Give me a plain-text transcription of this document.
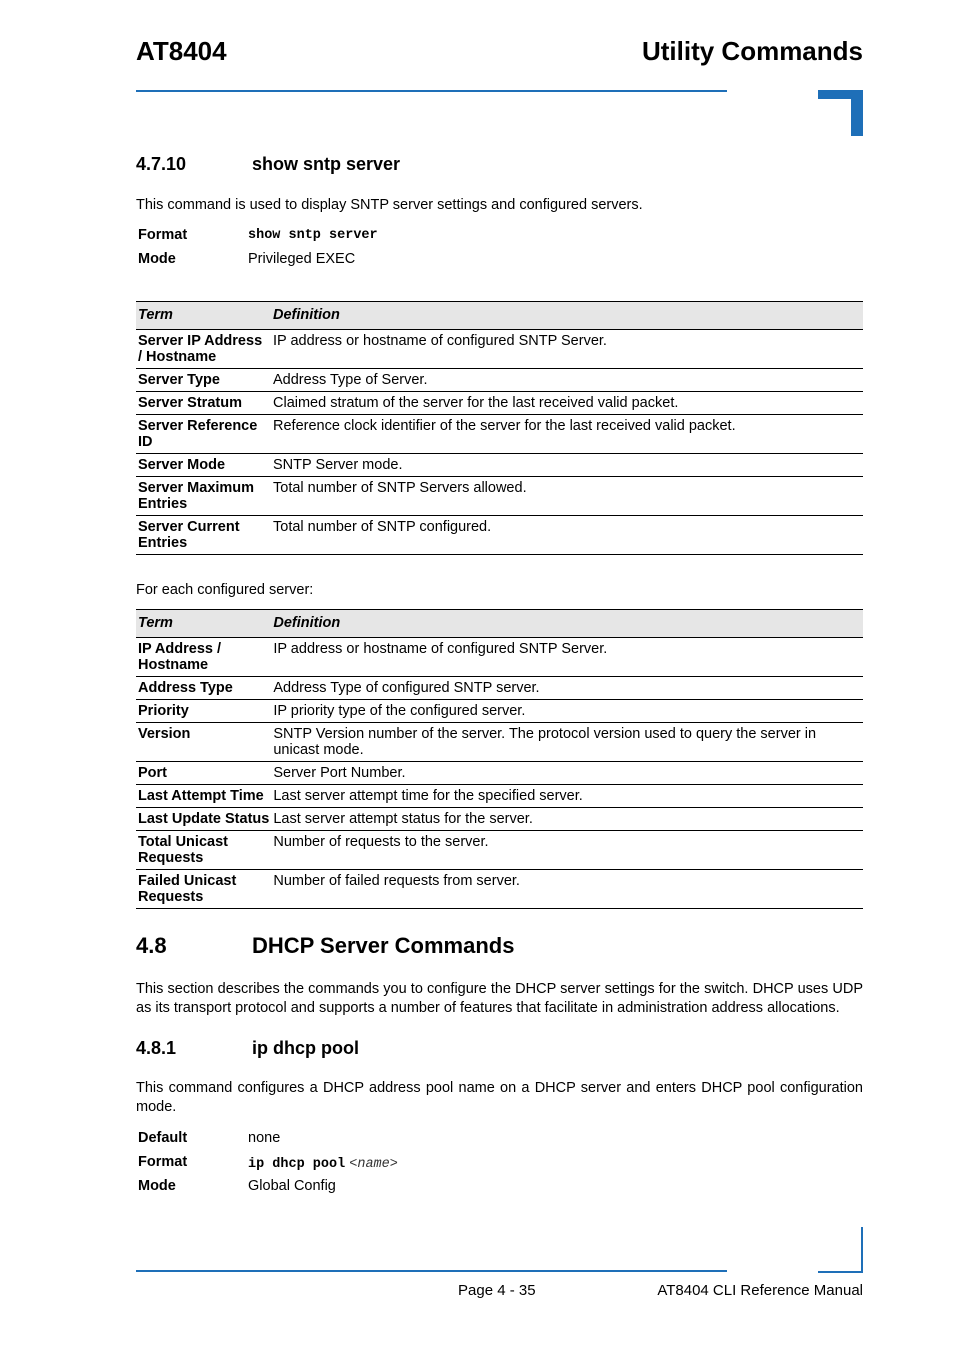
AT8404	Utility Commands
4.7.10	show sntp server
This command is used to display SNTP server settings and configured servers.
Format	show sntp server
Mode	Privileged EXEC
Term	Definition
Server IP Address / Hostname	IP address or hostname of configured SNTP Server.
Server Type	Address Type of Server.
Server Stratum	Claimed stratum of the server for the last received valid packet.
Server Reference ID	Reference clock identifier of the server for the last received valid packet.
Server Mode	SNTP Server mode.
Server Maximum Entries	Total number of SNTP Servers allowed.
Server Current Entries	Total number of SNTP configured.
For each configured server:
Term	Definition
IP Address / Hostname	IP address or hostname of configured SNTP Server.
Address Type	Address Type of configured SNTP server.
Priority	IP priority type of the configured server.
Version	SNTP Version number of the server. The protocol version used to query the server in unicast mode.
Port	Server Port Number.
Last Attempt Time	Last server attempt time for the specified server.
Last Update Status	Last server attempt status for the server.
Total Unicast Requests	Number of requests to the server.
Failed Unicast Requests	Number of failed requests from server.
4.8	DHCP Server Commands
This section describes the commands you to configure the DHCP server settings for the switch. DHCP uses UDP as its transport protocol and supports a number of features that facilitate in administration address allocations.
4.8.1	ip dhcp pool
This command configures a DHCP address pool name on a DHCP server and enters DHCP pool configuration mode.
Default	none
Format	ip dhcp pool <name>
Mode	Global Config
Page 4 - 35	AT8404 CLI Reference Manual
